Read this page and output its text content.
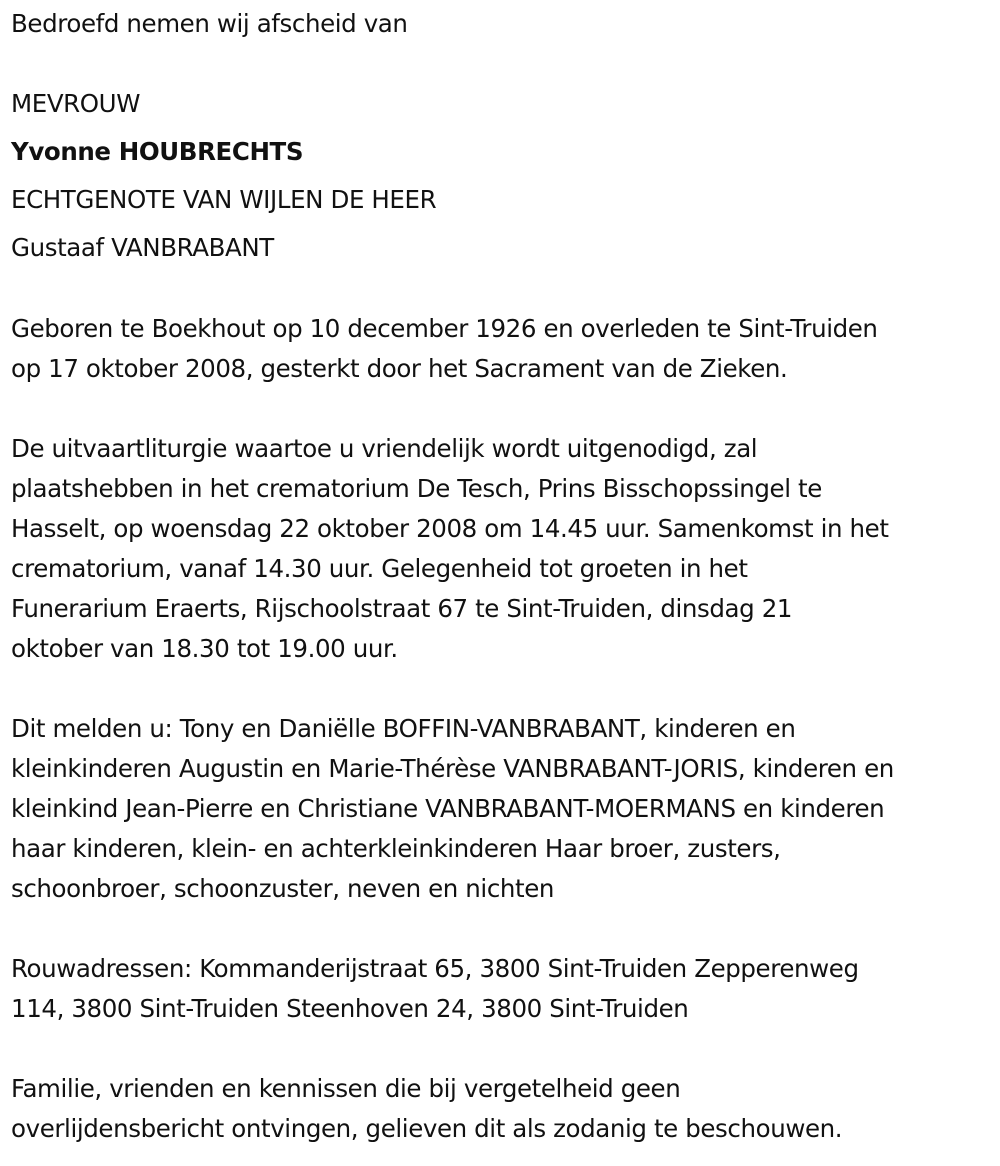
Bedroefd nemen wij afscheid van
MEVROUW
Yvonne HOUBRECHTS
ECHTGENOTE VAN WIJLEN DE HEER
Gustaaf VANBRABANT
Geboren te Boekhout op 10 december 1926 en overleden te Sint-Truiden
op 17 oktober 2008, gesterkt door het Sacrament van de Zieken.
De uitvaartliturgie waartoe u vriendelijk wordt uitgenodigd, zal
plaatshebben in het crematorium De Tesch, Prins Bisschopssingel te
Hasselt, op woensdag 22 oktober 2008 om 14.45 uur. Samenkomst in het
crematorium, vanaf 14.30 uur. Gelegenheid tot groeten in het
Funerarium Eraerts, Rijschoolstraat 67 te Sint-Truiden, dinsdag 21
oktober van 18.30 tot 19.00 uur.
Dit melden u: Tony en Daniëlle BOFFIN-VANBRABANT, kinderen en
kleinkinderen Augustin en Marie-Thérèse VANBRABANT-JORIS, kinderen en
kleinkind Jean-Pierre en Christiane VANBRABANT-MOERMANS en kinderen
haar kinderen, klein- en achterkleinkinderen Haar broer, zusters,
schoonbroer, schoonzuster, neven en nichten
Rouwadressen: Kommanderijstraat 65, 3800 Sint-Truiden Zepperenweg
114, 3800 Sint-Truiden Steenhoven 24, 3800 Sint-Truiden
Familie, vrienden en kennissen die bij vergetelheid geen
overlijdensbericht ontvingen, gelieven dit als zodanig te beschouwen.
